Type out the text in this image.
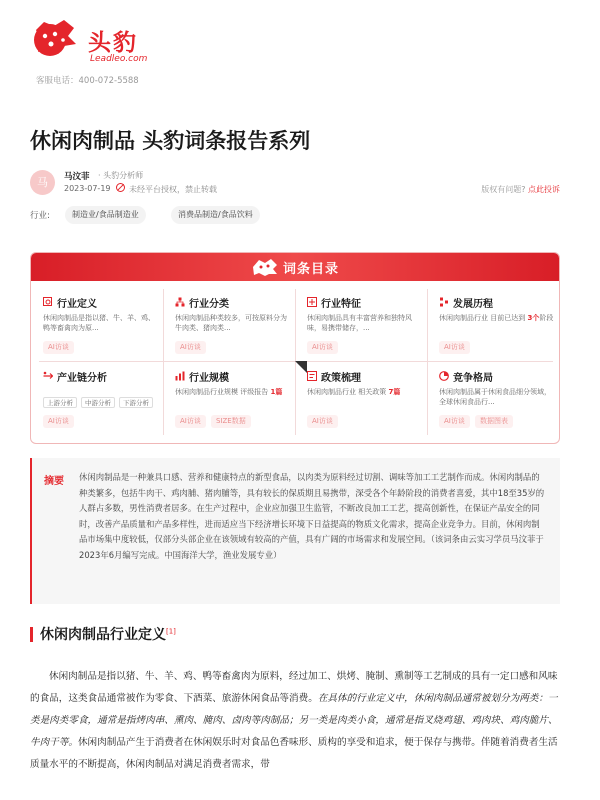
头豹
Leadleo.com
客服电话：400-072-5588
休闲肉制品 头豹词条报告系列
马	马汶菲 · 头豹分析师
2023-07-19 未经平台授权，禁止转载	版权有问题? 点此投诉
行业:	制造业/食品制造业	消费品制造/食品饮料
词条目录
行业定义
休闲肉制品是指以猪、牛、羊、鸡、鸭等畜禽肉为原...
AI访谈
行业分类
休闲肉制品种类较多，可按原料分为牛肉类、猪肉类...
AI访谈
行业特征
休闲肉制品具有丰富营养和独特风味，易携带储存，...
AI访谈
发展历程
休闲肉制品行业 目前已达到 3个阶段
AI访谈
产业链分析
上游分析	中游分析	下游分析
AI访谈
行业规模
休闲肉制品行业规模 评级报告 1篇
AI访谈	SIZE数据
政策梳理
休闲肉制品行业 相关政策 7篇
AI访谈
竞争格局
休闲肉制品属于休闲食品细分领域，全球休闲食品行...
AI访谈	数据图表
摘要 休闲肉制品是一种兼具口感、营养和健康特点的新型食品，以肉类为原料经过切割、调味等加工工艺制作而成。休闲肉制品的种类繁多，包括牛肉干、鸡肉脯、猪肉脯等，具有较长的保质期且易携带，深受各个年龄阶段的消费者喜爱，其中18至35岁的人群占多数，男性消费者居多。在生产过程中，企业应加强卫生监管，不断改良加工工艺，提高创新性，在保证产品安全的同时，改善产品质量和产品多样性，进而适应当下经济增长环境下日益提高的物质文化需求，提高企业竞争力。目前，休闲肉制品市场集中度较低，仅部分头部企业在该领域有较高的产值，具有广阔的市场需求和发展空间。（该词条由云实习学员马汶菲于2023年6月编写完成。中国海洋大学，渔业发展专业）
休闲肉制品行业定义[1]
休闲肉制品是指以猪、牛、羊、鸡、鸭等畜禽肉为原料，经过加工、烘烤、腌制、熏制等工艺制成的具有一定口感和风味的食品，这类食品通常被作为零食、下酒菜、旅游休闲食品等消费。在具体的行业定义中，休闲肉制品通常被划分为两类：一类是肉类零食，通常是指烤肉串、熏肉、腌肉、卤肉等肉制品；另一类是肉类小食，通常是指叉烧鸡翅、鸡肉块、鸡肉脆片、牛肉干等。休闲肉制品产生于消费者在休闲娱乐时对食品色香味形、质构的享受和追求，便于保存与携带。伴随着消费者生活质量水平的不断提高，休闲肉制品对满足消费者需求，带
